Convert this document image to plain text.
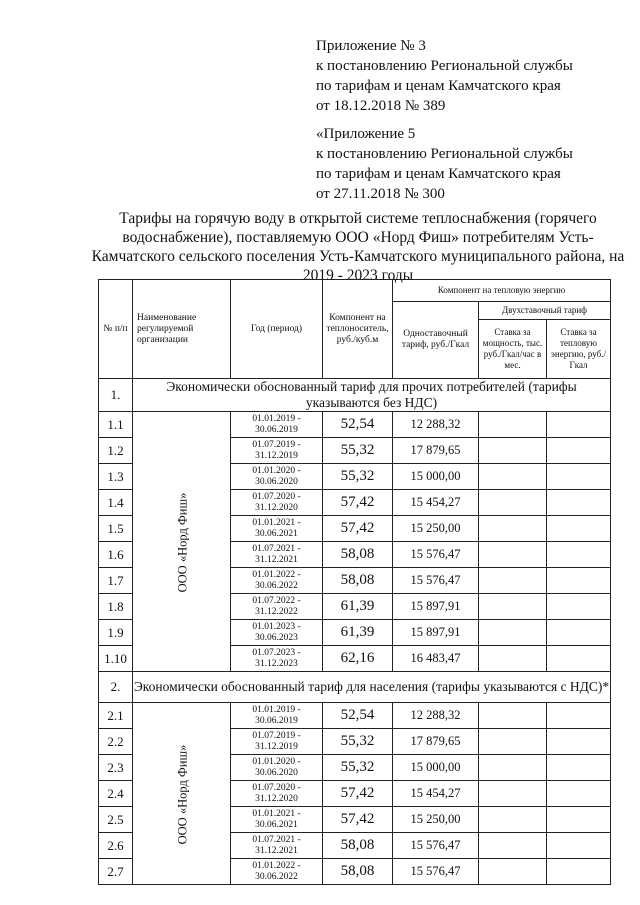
Приложение № 3
к постановлению Региональной службы
по тарифам и ценам Камчатского края
от 18.12.2018 № 389
«Приложение 5
к постановлению Региональной службы
по тарифам и ценам Камчатского края
от 27.11.2018 № 300
Тарифы на горячую воду в открытой системе теплоснабжения (горячего водоснабжение), поставляемую ООО «Норд Фиш» потребителям Усть-Камчатского сельского поселения Усть-Камчатского муниципального района, на 2019 - 2023 годы
№ п/п	Наименование регулируемой организации	Год (период)	Компонент на теплоноситель, руб./куб.м	Компонент на тепловую энергию		
				Одноставочный тариф, руб./Гкал	Двухставочный тариф	
					Ставка за мощность, тыс. руб./Гкал/час в мес.	Ставка за тепловую энергию, руб./Гкал
1.	Экономически обоснованный тариф для прочих потребителей (тарифы указываются без НДС)					
1.1	ООО «Норд Фиш»	01.01.2019 - 30.06.2019	52,54	12 288,32		
1.2		01.07.2019 - 31.12.2019	55,32	17 879,65		
1.3		01.01.2020 - 30.06.2020	55,32	15 000,00		
1.4		01.07.2020 - 31.12.2020	57,42	15 454,27		
1.5		01.01.2021 - 30.06.2021	57,42	15 250,00		
1.6		01.07.2021 - 31.12.2021	58,08	15 576,47		
1.7		01.01.2022 - 30.06.2022	58,08	15 576,47		
1.8		01.07.2022 - 31.12.2022	61,39	15 897,91		
1.9		01.01.2023 - 30.06.2023	61,39	15 897,91		
1.10		01.07.2023 - 31.12.2023	62,16	16 483,47		
2.	Экономически обоснованный тариф для населения (тарифы указываются с НДС)*					
2.1	ООО «Норд Фиш»	01.01.2019 - 30.06.2019	52,54	12 288,32		
2.2		01.07.2019 - 31.12.2019	55,32	17 879,65		
2.3		01.01.2020 - 30.06.2020	55,32	15 000,00		
2.4		01.07.2020 - 31.12.2020	57,42	15 454,27		
2.5		01.01.2021 - 30.06.2021	57,42	15 250,00		
2.6		01.07.2021 - 31.12.2021	58,08	15 576,47		
2.7		01.01.2022 - 30.06.2022	58,08	15 576,47		
